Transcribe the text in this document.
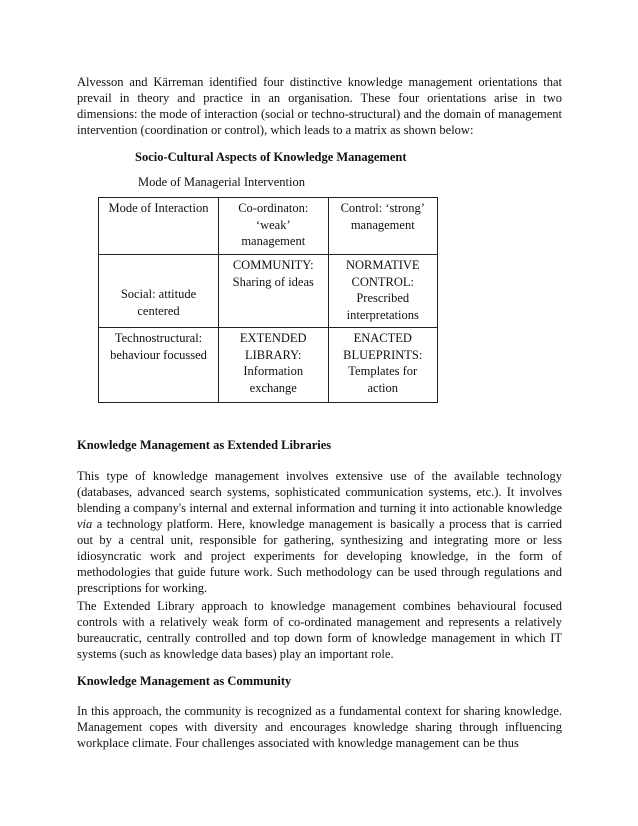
Alvesson and Kärreman identified four distinctive knowledge management orientations that prevail in theory and practice in an organisation. These four orientations arise in two dimensions: the mode of interaction (social or techno-structural) and the domain of management intervention (coordination or control), which leads to a matrix as shown below:

Socio-Cultural Aspects of Knowledge Management

Mode of Managerial Intervention

Mode of Interaction	Co-ordinaton: ‘weak’ management	Control: ‘strong’ management
Social: attitude centered	COMMUNITY: Sharing of ideas	NORMATIVE CONTROL: Prescribed interpretations
Technostructural: behaviour focussed	EXTENDED LIBRARY: Information exchange	ENACTED BLUEPRINTS: Templates for action

Knowledge Management as Extended Libraries

This type of knowledge management involves extensive use of the available technology (databases, advanced search systems, sophisticated communication systems, etc.). It involves blending a company's internal and external information and turning it into actionable knowledge via a technology platform. Here, knowledge management is basically a process that is carried out by a central unit, responsible for gathering, synthesizing and integrating more or less idiosyncratic work and project experiments for developing knowledge, in the form of methodologies that guide future work. Such methodology can be used through regulations and prescriptions for working.

The Extended Library approach to knowledge management combines behavioural focused controls with a relatively weak form of co-ordinated management and represents a relatively bureaucratic, centrally controlled and top down form of knowledge management in which IT systems (such as knowledge data bases) play an important role.

Knowledge Management as Community

In this approach, the community is recognized as a fundamental context for sharing knowledge. Management copes with diversity and encourages knowledge sharing through influencing workplace climate. Four challenges associated with knowledge management can be thus
